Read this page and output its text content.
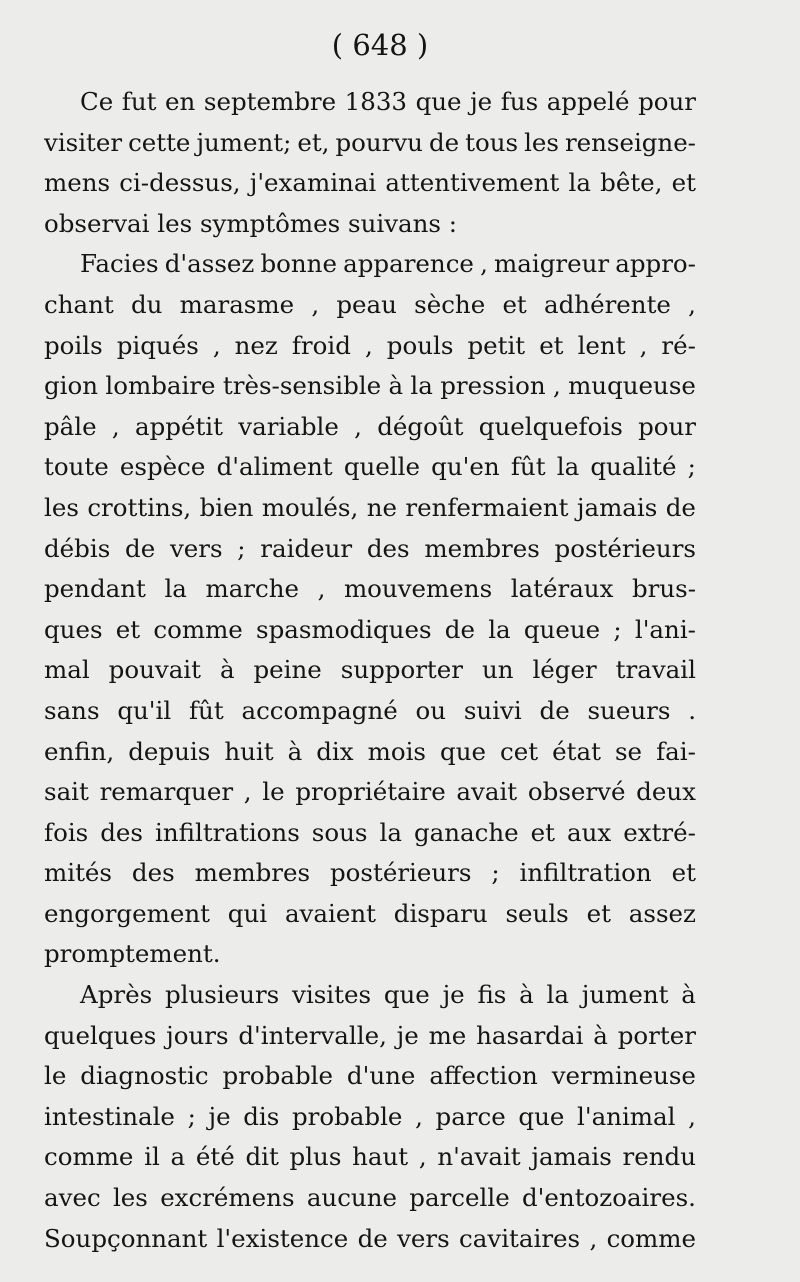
( 648 )
Ce fut en septembre 1833 que je fus appelé pour
visiter cette jument; et, pourvu de tous les renseigne-
mens ci-dessus, j'examinai attentivement la bête, et
observai les symptômes suivans :
Facies d'assez bonne apparence , maigreur appro-
chant du marasme , peau sèche et adhérente ,
poils piqués , nez froid , pouls petit et lent , ré-
gion lombaire très-sensible à la pression , muqueuse
pâle , appétit variable , dégoût quelquefois pour
toute espèce d'aliment quelle qu'en fût la qualité ;
les crottins, bien moulés, ne renfermaient jamais de
débis de vers ; raideur des membres postérieurs
pendant la marche , mouvemens latéraux brus-
ques et comme spasmodiques de la queue ; l'ani-
mal pouvait à peine supporter un léger travail
sans qu'il fût accompagné ou suivi de sueurs .
enfin, depuis huit à dix mois que cet état se fai-
sait remarquer , le propriétaire avait observé deux
fois des infiltrations sous la ganache et aux extré-
mités des membres postérieurs ; infiltration et
engorgement qui avaient disparu seuls et assez
promptement.
Après plusieurs visites que je fis à la jument à
quelques jours d'intervalle, je me hasardai à porter
le diagnostic probable d'une affection vermineuse
intestinale ; je dis probable , parce que l'animal ,
comme il a été dit plus haut , n'avait jamais rendu
avec les excrémens aucune parcelle d'entozoaires.
Soupçonnant l'existence de vers cavitaires , comme
